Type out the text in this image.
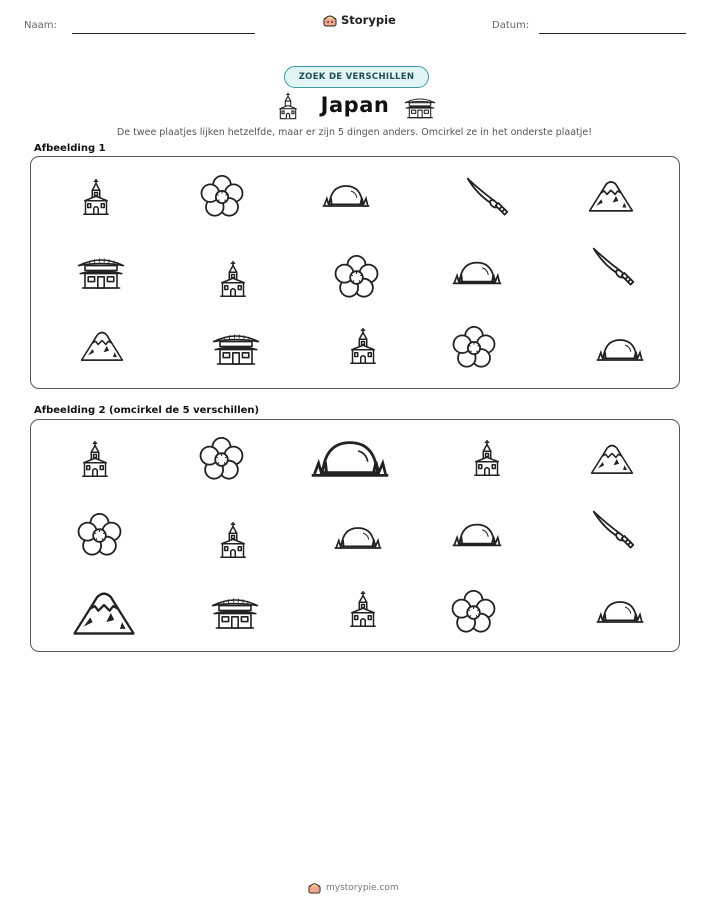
Naam:	Storypie	Datum:
ZOEK DE VERSCHILLEN
Japan
De twee plaatjes lijken hetzelfde, maar er zijn 5 dingen anders. Omcirkel ze in het onderste plaatje!
Afbeelding 1
Afbeelding 2 (omcirkel de 5 verschillen)
mystorypie.com
